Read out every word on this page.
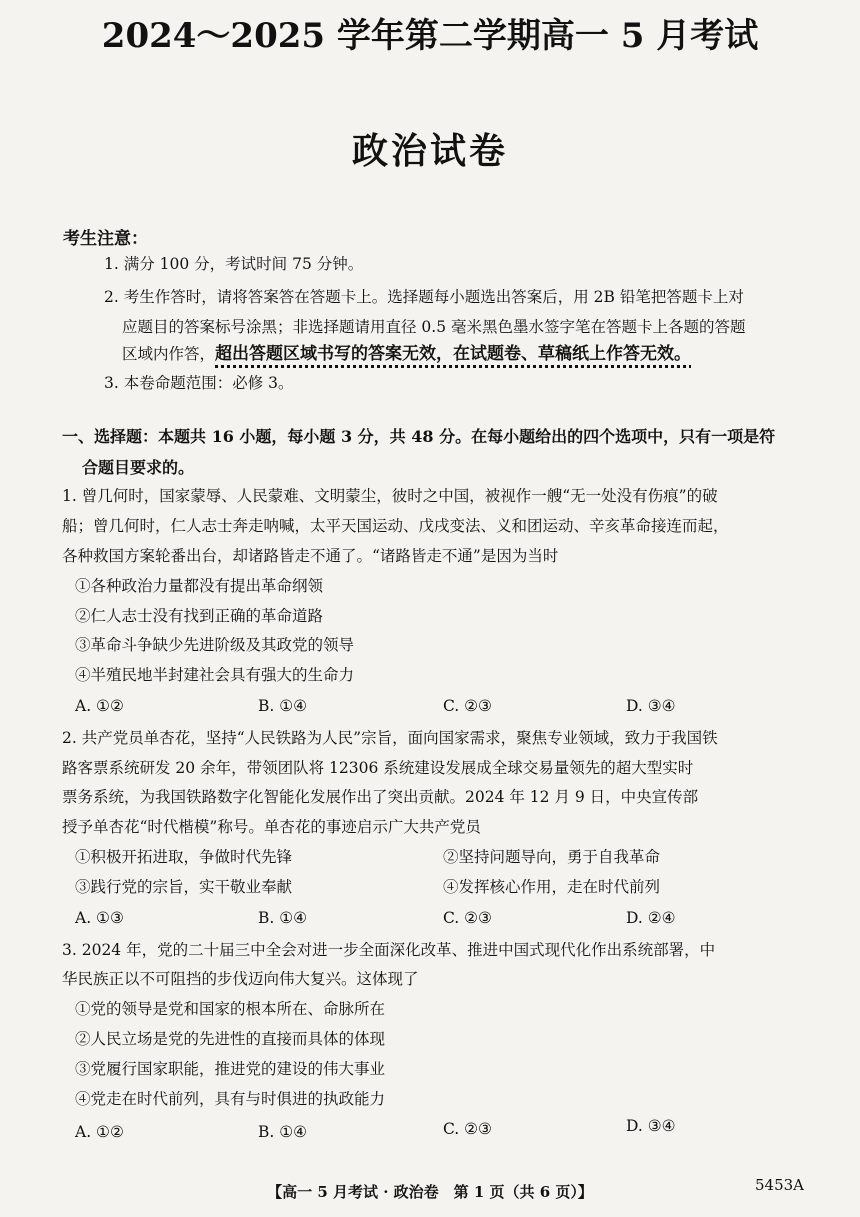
2024～2025 学年第二学期高一 5 月考试
政治试卷
考生注意：
1. 满分 100 分，考试时间 75 分钟。
2. 考生作答时，请将答案答在答题卡上。选择题每小题选出答案后，用 2B 铅笔把答题卡上对
应题目的答案标号涂黑；非选择题请用直径 0.5 毫米黑色墨水签字笔在答题卡上各题的答题
区域内作答，超出答题区域书写的答案无效，在试题卷、草稿纸上作答无效。
3. 本卷命题范围：必修 3。
一、选择题：本题共 16 小题，每小题 3 分，共 48 分。在每小题给出的四个选项中，只有一项是符
合题目要求的。
1. 曾几何时，国家蒙辱、人民蒙难、文明蒙尘，彼时之中国，被视作一艘“无一处没有伤痕”的破
船；曾几何时，仁人志士奔走呐喊，太平天国运动、戊戌变法、义和团运动、辛亥革命接连而起，
各种救国方案轮番出台，却诸路皆走不通了。“诸路皆走不通”是因为当时
①各种政治力量都没有提出革命纲领
②仁人志士没有找到正确的革命道路
③革命斗争缺少先进阶级及其政党的领导
④半殖民地半封建社会具有强大的生命力
A. ①②	B. ①④	C. ②③	D. ③④
2. 共产党员单杏花，坚持“人民铁路为人民”宗旨，面向国家需求，聚焦专业领域，致力于我国铁
路客票系统研发 20 余年，带领团队将 12306 系统建设发展成全球交易量领先的超大型实时
票务系统，为我国铁路数字化智能化发展作出了突出贡献。2024 年 12 月 9 日，中央宣传部
授予单杏花“时代楷模”称号。单杏花的事迹启示广大共产党员
①积极开拓进取，争做时代先锋	②坚持问题导向，勇于自我革命
③践行党的宗旨，实干敬业奉献	④发挥核心作用，走在时代前列
A. ①③	B. ①④	C. ②③	D. ②④
3. 2024 年，党的二十届三中全会对进一步全面深化改革、推进中国式现代化作出系统部署，中
华民族正以不可阻挡的步伐迈向伟大复兴。这体现了
①党的领导是党和国家的根本所在、命脉所在
②人民立场是党的先进性的直接而具体的体现
③党履行国家职能，推进党的建设的伟大事业
④党走在时代前列，具有与时俱进的执政能力
A. ①②	B. ①④	C. ②③	D. ③④
【高一 5 月考试 · 政治卷　第 1 页（共 6 页）】	5453A
